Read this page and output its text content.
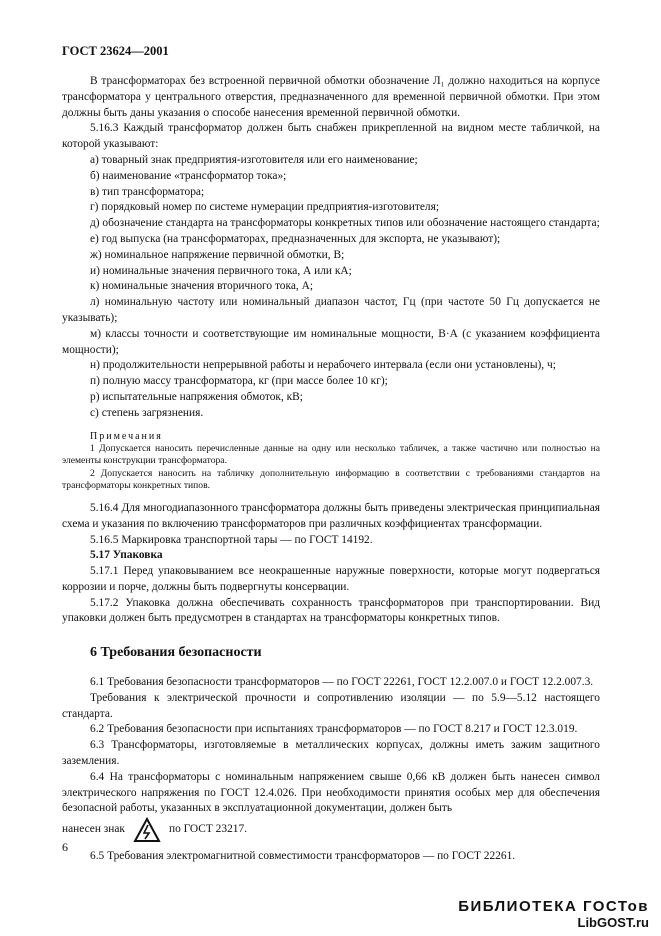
ГОСТ 23624—2001

В трансформаторах без встроенной первичной обмотки обозначение Л₁ должно находиться на корпусе трансформатора у центрального отверстия, предназначенного для временной первичной обмотки. При этом должны быть даны указания о способе нанесения временной первичной обмотки.

5.16.3 Каждый трансформатор должен быть снабжен прикрепленной на видном месте табличкой, на которой указывают:

а) товарный знак предприятия-изготовителя или его наименование;

б) наименование «трансформатор тока»;

в) тип трансформатора;

г) порядковый номер по системе нумерации предприятия-изготовителя;

д) обозначение стандарта на трансформаторы конкретных типов или обозначение настоящего стандарта;

е) год выпуска (на трансформаторах, предназначенных для экспорта, не указывают);

ж) номинальное напряжение первичной обмотки, В;

и) номинальные значения первичного тока, А или кА;

к) номинальные значения вторичного тока, А;

л) номинальную частоту или номинальный диапазон частот, Гц (при частоте 50 Гц допускается не указывать);

м) классы точности и соответствующие им номинальные мощности, В·А (с указанием коэффициента мощности);

н) продолжительности непрерывной работы и нерабочего интервала (если они установлены), ч;

п) полную массу трансформатора, кг (при массе более 10 кг);

р) испытательные напряжения обмоток, кВ;

с) степень загрязнения.

Примечания

1 Допускается наносить перечисленные данные на одну или несколько табличек, а также частично или полностью на элементы конструкции трансформатора.

2 Допускается наносить на табличку дополнительную информацию в соответствии с требованиями стандартов на трансформаторы конкретных типов.

5.16.4 Для многодиапазонного трансформатора должны быть приведены электрическая принципиальная схема и указания по включению трансформаторов при различных коэффициентах трансформации.

5.16.5 Маркировка транспортной тары — по ГОСТ 14192.

5.17 Упаковка

5.17.1 Перед упаковыванием все неокрашенные наружные поверхности, которые могут подвергаться коррозии и порче, должны быть подвергнуты консервации.

5.17.2 Упаковка должна обеспечивать сохранность трансформаторов при транспортировании. Вид упаковки должен быть предусмотрен в стандартах на трансформаторы конкретных типов.

6 Требования безопасности

6.1 Требования безопасности трансформаторов — по ГОСТ 22261, ГОСТ 12.2.007.0 и ГОСТ 12.2.007.3.

Требования к электрической прочности и сопротивлению изоляции — по 5.9—5.12 настоящего стандарта.

6.2 Требования безопасности при испытаниях трансформаторов — по ГОСТ 8.217 и ГОСТ 12.3.019.

6.3 Трансформаторы, изготовляемые в металлических корпусах, должны иметь зажим защитного заземления.

6.4 На трансформаторы с номинальным напряжением свыше 0,66 кВ должен быть нанесен символ электрического напряжения по ГОСТ 12.4.026. При необходимости принятия особых мер для обеспечения безопасной работы, указанных в эксплуатационной документации, должен быть

нанесен знак	по ГОСТ 23217.

6.5 Требования электромагнитной совместимости трансформаторов — по ГОСТ 22261.

6
БИБЛИОТЕКА ГОСТов
LibGOST.ru
